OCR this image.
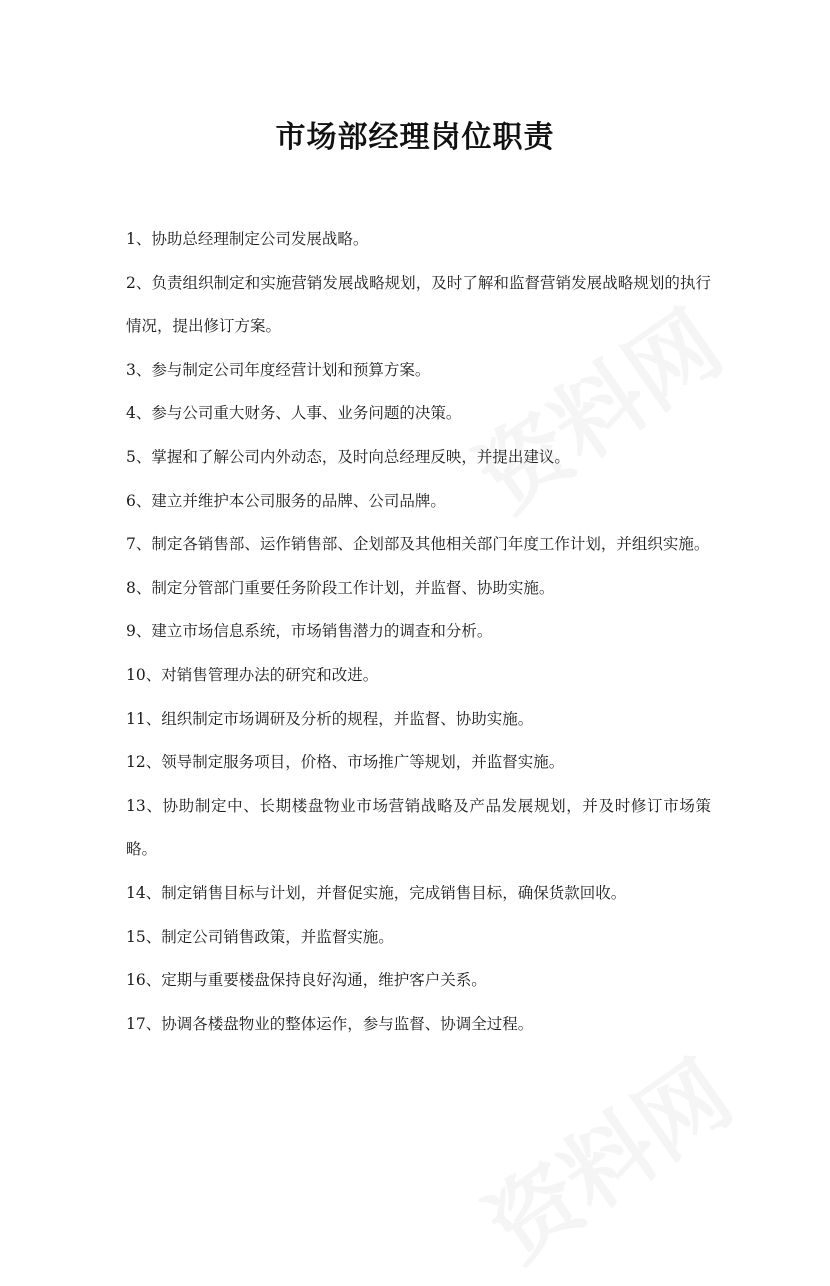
资料网
资料网
市场部经理岗位职责

1、协助总经理制定公司发展战略。

2、负责组织制定和实施营销发展战略规划，及时了解和监督营销发展战略规划的执行情况，提出修订方案。

3、参与制定公司年度经营计划和预算方案。

4、参与公司重大财务、人事、业务问题的决策。

5、掌握和了解公司内外动态，及时向总经理反映，并提出建议。

6、建立并维护本公司服务的品牌、公司品牌。

7、制定各销售部、运作销售部、企划部及其他相关部门年度工作计划，并组织实施。

8、制定分管部门重要任务阶段工作计划，并监督、协助实施。

9、建立市场信息系统，市场销售潜力的调查和分析。

10、对销售管理办法的研究和改进。

11、组织制定市场调研及分析的规程，并监督、协助实施。

12、领导制定服务项目，价格、市场推广等规划，并监督实施。

13、协助制定中、长期楼盘物业市场营销战略及产品发展规划，并及时修订市场策略。

14、制定销售目标与计划，并督促实施，完成销售目标，确保货款回收。

15、制定公司销售政策，并监督实施。

16、定期与重要楼盘保持良好沟通，维护客户关系。

17、协调各楼盘物业的整体运作，参与监督、协调全过程。
